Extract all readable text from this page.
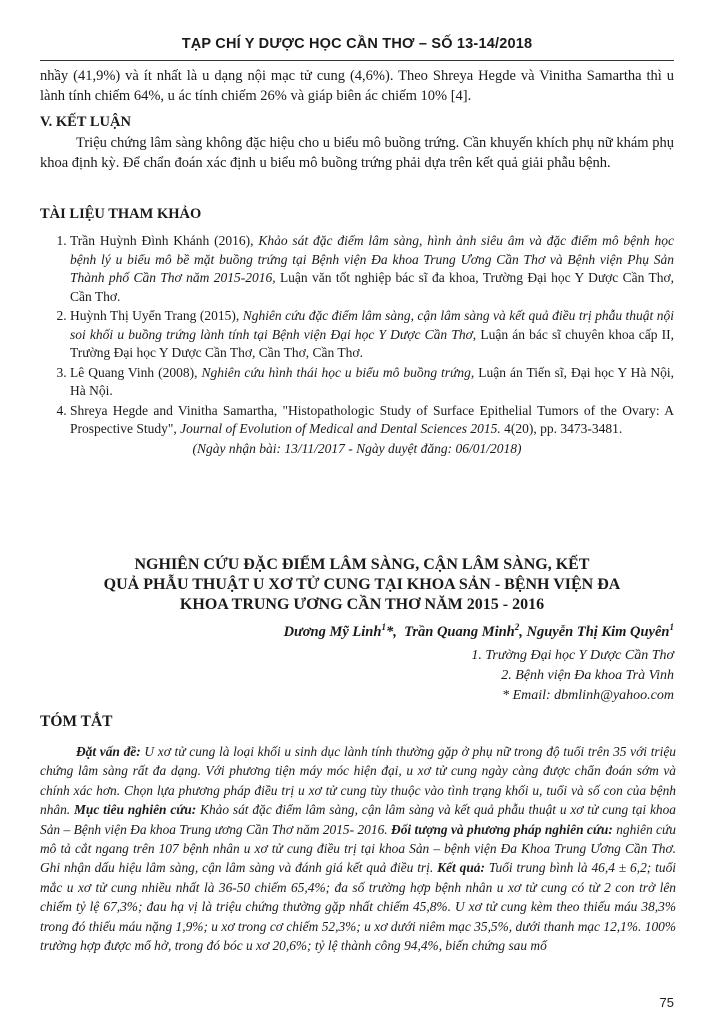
TẠP CHÍ Y DƯỢC HỌC CẦN THƠ – SỐ 13-14/2018

nhầy (41,9%) và ít nhất là u dạng nội mạc tử cung (4,6%). Theo Shreya Hegde và Vinitha Samartha thì u lành tính chiếm 64%, u ác tính chiếm 26% và giáp biên ác chiếm 10% [4].

V. KẾT LUẬN

Triệu chứng lâm sàng không đặc hiệu cho u biểu mô buồng trứng. Cần khuyến khích phụ nữ khám phụ khoa định kỳ. Để chẩn đoán xác định u biểu mô buồng trứng phải dựa trên kết quả giải phẫu bệnh.

TÀI LIỆU THAM KHẢO

1. Trần Huỳnh Đình Khánh (2016), Khảo sát đặc điểm lâm sàng, hình ảnh siêu âm và đặc điểm mô bệnh học bệnh lý u biểu mô bề mặt buồng trứng tại Bệnh viện Đa khoa Trung Ương Cần Thơ và Bệnh viện Phụ Sản Thành phố Cần Thơ năm 2015-2016, Luận văn tốt nghiệp bác sĩ đa khoa, Trường Đại học Y Dược Cần Thơ, Cần Thơ.
2. Huỳnh Thị Uyển Trang (2015), Nghiên cứu đặc điểm lâm sàng, cận lâm sàng và kết quả điều trị phẫu thuật nội soi khối u buồng trứng lành tính tại Bệnh viện Đại học Y Dược Cần Thơ, Luận án bác sĩ chuyên khoa cấp II, Trường Đại học Y Dược Cần Thơ, Cần Thơ, Cần Thơ.
3. Lê Quang Vinh (2008), Nghiên cứu hình thái học u biểu mô buồng trứng, Luận án Tiến sĩ, Đại học Y Hà Nội, Hà Nội.
4. Shreya Hegde and Vinitha Samartha, "Histopathologic Study of Surface Epithelial Tumors of the Ovary: A Prospective Study", Journal of Evolution of Medical and Dental Sciences 2015. 4(20), pp. 3473-3481.
(Ngày nhận bài: 13/11/2017 - Ngày duyệt đăng: 06/01/2018)
NGHIÊN CỨU ĐẶC ĐIỂM LÂM SÀNG, CẬN LÂM SÀNG, KẾT
QUẢ PHẪU THUẬT U XƠ TỬ CUNG TẠI KHOA SẢN - BỆNH VIỆN ĐA
KHOA TRUNG ƯƠNG CẦN THƠ NĂM 2015 - 2016
Dương Mỹ Linh$^1$*,  Trần Quang Minh$^2$, Nguyễn Thị Kim Quyên$^1$
1. Trường Đại học Y Dược Cần Thơ
2. Bệnh viện Đa khoa Trà Vinh
* Email: dbmlinh@yahoo.com
TÓM TẮT

Đặt vấn đề: U xơ tử cung là loại khối u sinh dục lành tính thường gặp ở phụ nữ trong độ tuổi trên 35 với triệu chứng lâm sàng rất đa dạng. Với phương tiện máy móc hiện đại, u xơ tử cung ngày càng được chẩn đoán sớm và chính xác hơn. Chọn lựa phương pháp điều trị u xơ tử cung tùy thuộc vào tình trạng khối u, tuổi và số con của bệnh nhân. Mục tiêu nghiên cứu: Khảo sát đặc điểm lâm sàng, cận lâm sàng và kết quả phẫu thuật u xơ tử cung tại khoa Sản – Bệnh viện Đa khoa Trung ương Cần Thơ năm 2015- 2016. Đối tượng và phương pháp nghiên cứu: nghiên cứu mô tả cắt ngang trên 107 bệnh nhân u xơ tử cung điều trị tại khoa Sản – bệnh viện Đa Khoa Trung Ương Cần Thơ. Ghi nhận dấu hiệu lâm sàng, cận lâm sàng và đánh giá kết quả điều trị. Kết quả: Tuổi trung bình là 46,4 ± 6,2; tuổi mắc u xơ tử cung nhiều nhất là 36-50 chiếm 65,4%; đa số trường hợp bệnh nhân u xơ tử cung có từ 2 con trở lên chiếm tỷ lệ 67,3%; đau hạ vị là triệu chứng thường gặp nhất chiếm 45,8%. U xơ tử cung kèm theo thiếu máu 38,3% trong đó thiếu máu nặng 1,9%; u xơ trong cơ chiếm 52,3%; u xơ dưới niêm mạc 35,5%, dưới thanh mạc 12,1%. 100% trường hợp được mổ hở, trong đó bóc u xơ 20,6%; tỷ lệ thành công 94,4%, biến chứng sau mổ

75
